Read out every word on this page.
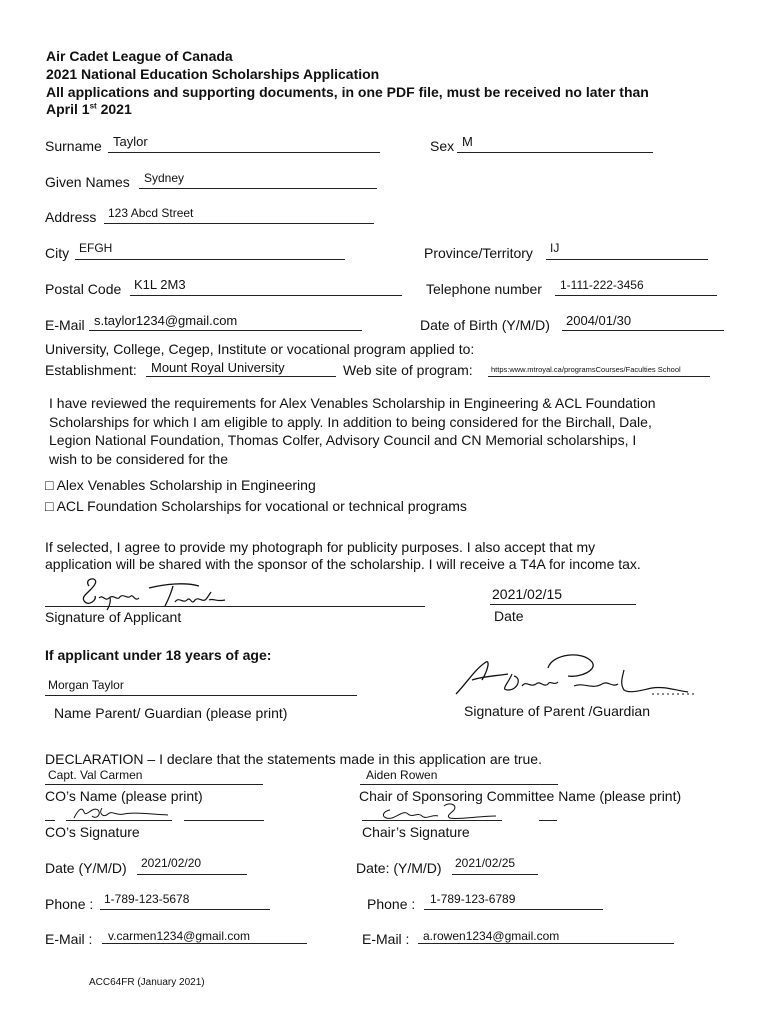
Air Cadet League of Canada
2021 National Education Scholarships Application
All applications and supporting documents, in one PDF file, must be received no later than
April 1st 2021
Surname Taylor	Sex M
Given Names Sydney
Address 123 Abcd Street
City EFGH	Province/Territory IJ
Postal Code K1L 2M3	Telephone number 1-111-222-3456
E-Mail s.taylor1234@gmail.com	Date of Birth (Y/M/D) 2004/01/30
University, College, Cegep, Institute or vocational program applied to:
Establishment: Mount Royal University	Web site of program: https:www.mtroyal.ca/programsCourses/Faculties School
I have reviewed the requirements for Alex Venables Scholarship in Engineering & ACL Foundation
Scholarships for which I am eligible to apply. In addition to being considered for the Birchall, Dale,
Legion National Foundation, Thomas Colfer, Advisory Council and CN Memorial scholarships, I
wish to be considered for the
□ Alex Venables Scholarship in Engineering
□ ACL Foundation Scholarships for vocational or technical programs
If selected, I agree to provide my photograph for publicity purposes. I also accept that my
application will be shared with the sponsor of the scholarship. I will receive a T4A for income tax.
Signature of Applicant
2021/02/15
Date
If applicant under 18 years of age:
Morgan Taylor
Name Parent/ Guardian (please print)	Signature of Parent /Guardian
DECLARATION – I declare that the statements made in this application are true.
Capt. Val Carmen
CO’s Name (please print)
Aiden Rowen
Chair of Sponsoring Committee Name (please print)
CO’s Signature	Chair’s Signature
Date (Y/M/D) 2021/02/20	Date: (Y/M/D) 2021/02/25
Phone : 1-789-123-5678	Phone : 1-789-123-6789
E-Mail : v.carmen1234@gmail.com	E-Mail : a.rowen1234@gmail.com
ACC64FR (January 2021)
